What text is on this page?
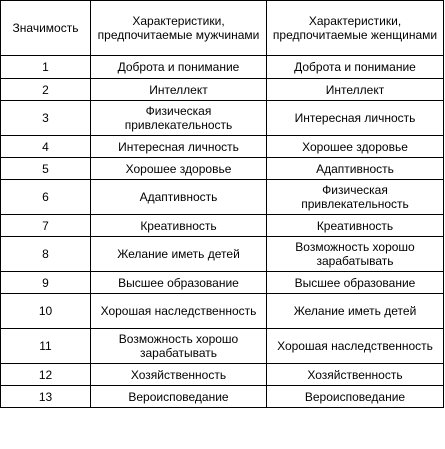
Значимость	Характеристики, предпочитаемые мужчинами	Характеристики, предпочитаемые женщинами
1	Доброта и понимание	Доброта и понимание
2	Интеллект	Интеллект
3	Физическая привлекательность	Интересная личность
4	Интересная личность	Хорошее здоровье
5	Хорошее здоровье	Адаптивность
6	Адаптивность	Физическая привлекательность
7	Креативность	Креативность
8	Желание иметь детей	Возможность хорошо зарабатывать
9	Высшее образование	Высшее образование
10	Хорошая наследственность	Желание иметь детей
11	Возможность хорошо зарабатывать	Хорошая наследственность
12	Хозяйственность	Хозяйственность
13	Вероисповедание	Вероисповедание
